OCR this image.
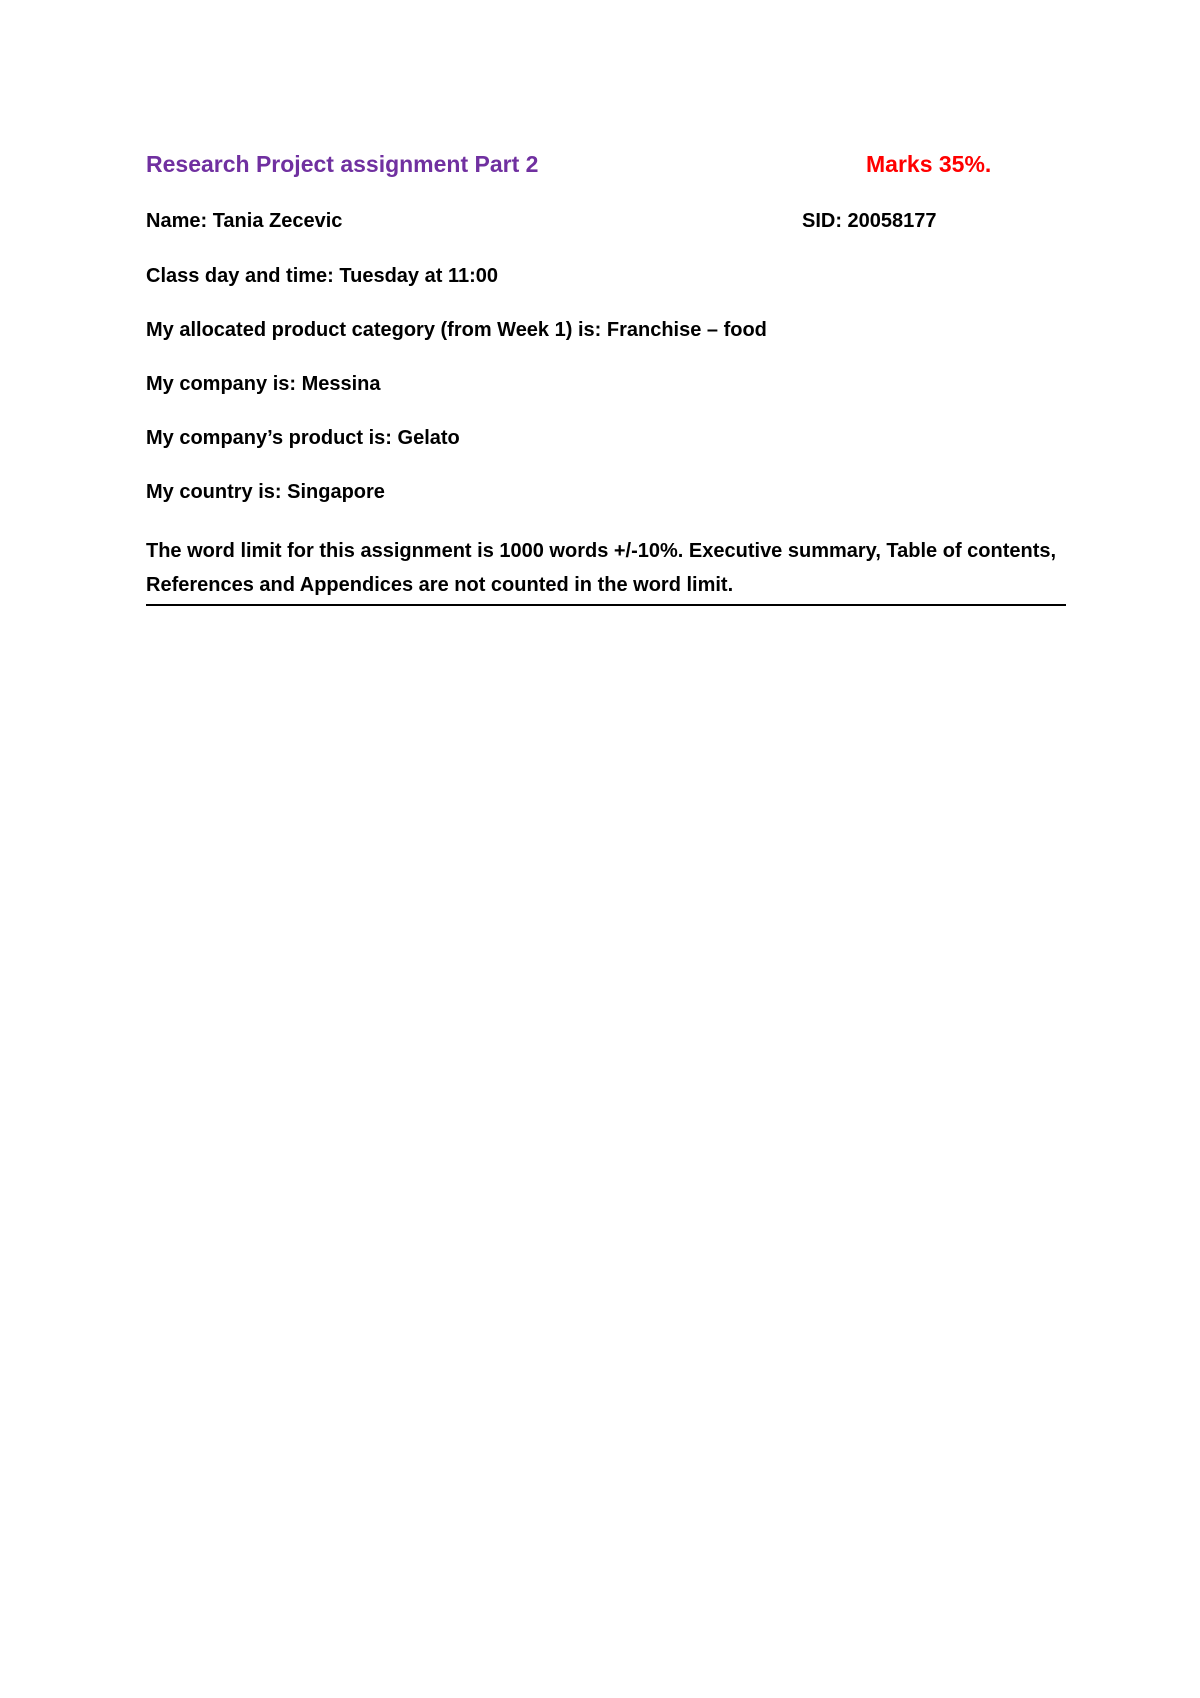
Research Project assignment Part 2	Marks 35%.
Name: Tania Zecevic	SID: 20058177
Class day and time: Tuesday at 11:00
My allocated product category (from Week 1) is: Franchise – food
My company is: Messina
My company’s product is: Gelato
My country is: Singapore
The word limit for this assignment is 1000 words +/-10%. Executive summary, Table of contents, References and Appendices are not counted in the word limit.
